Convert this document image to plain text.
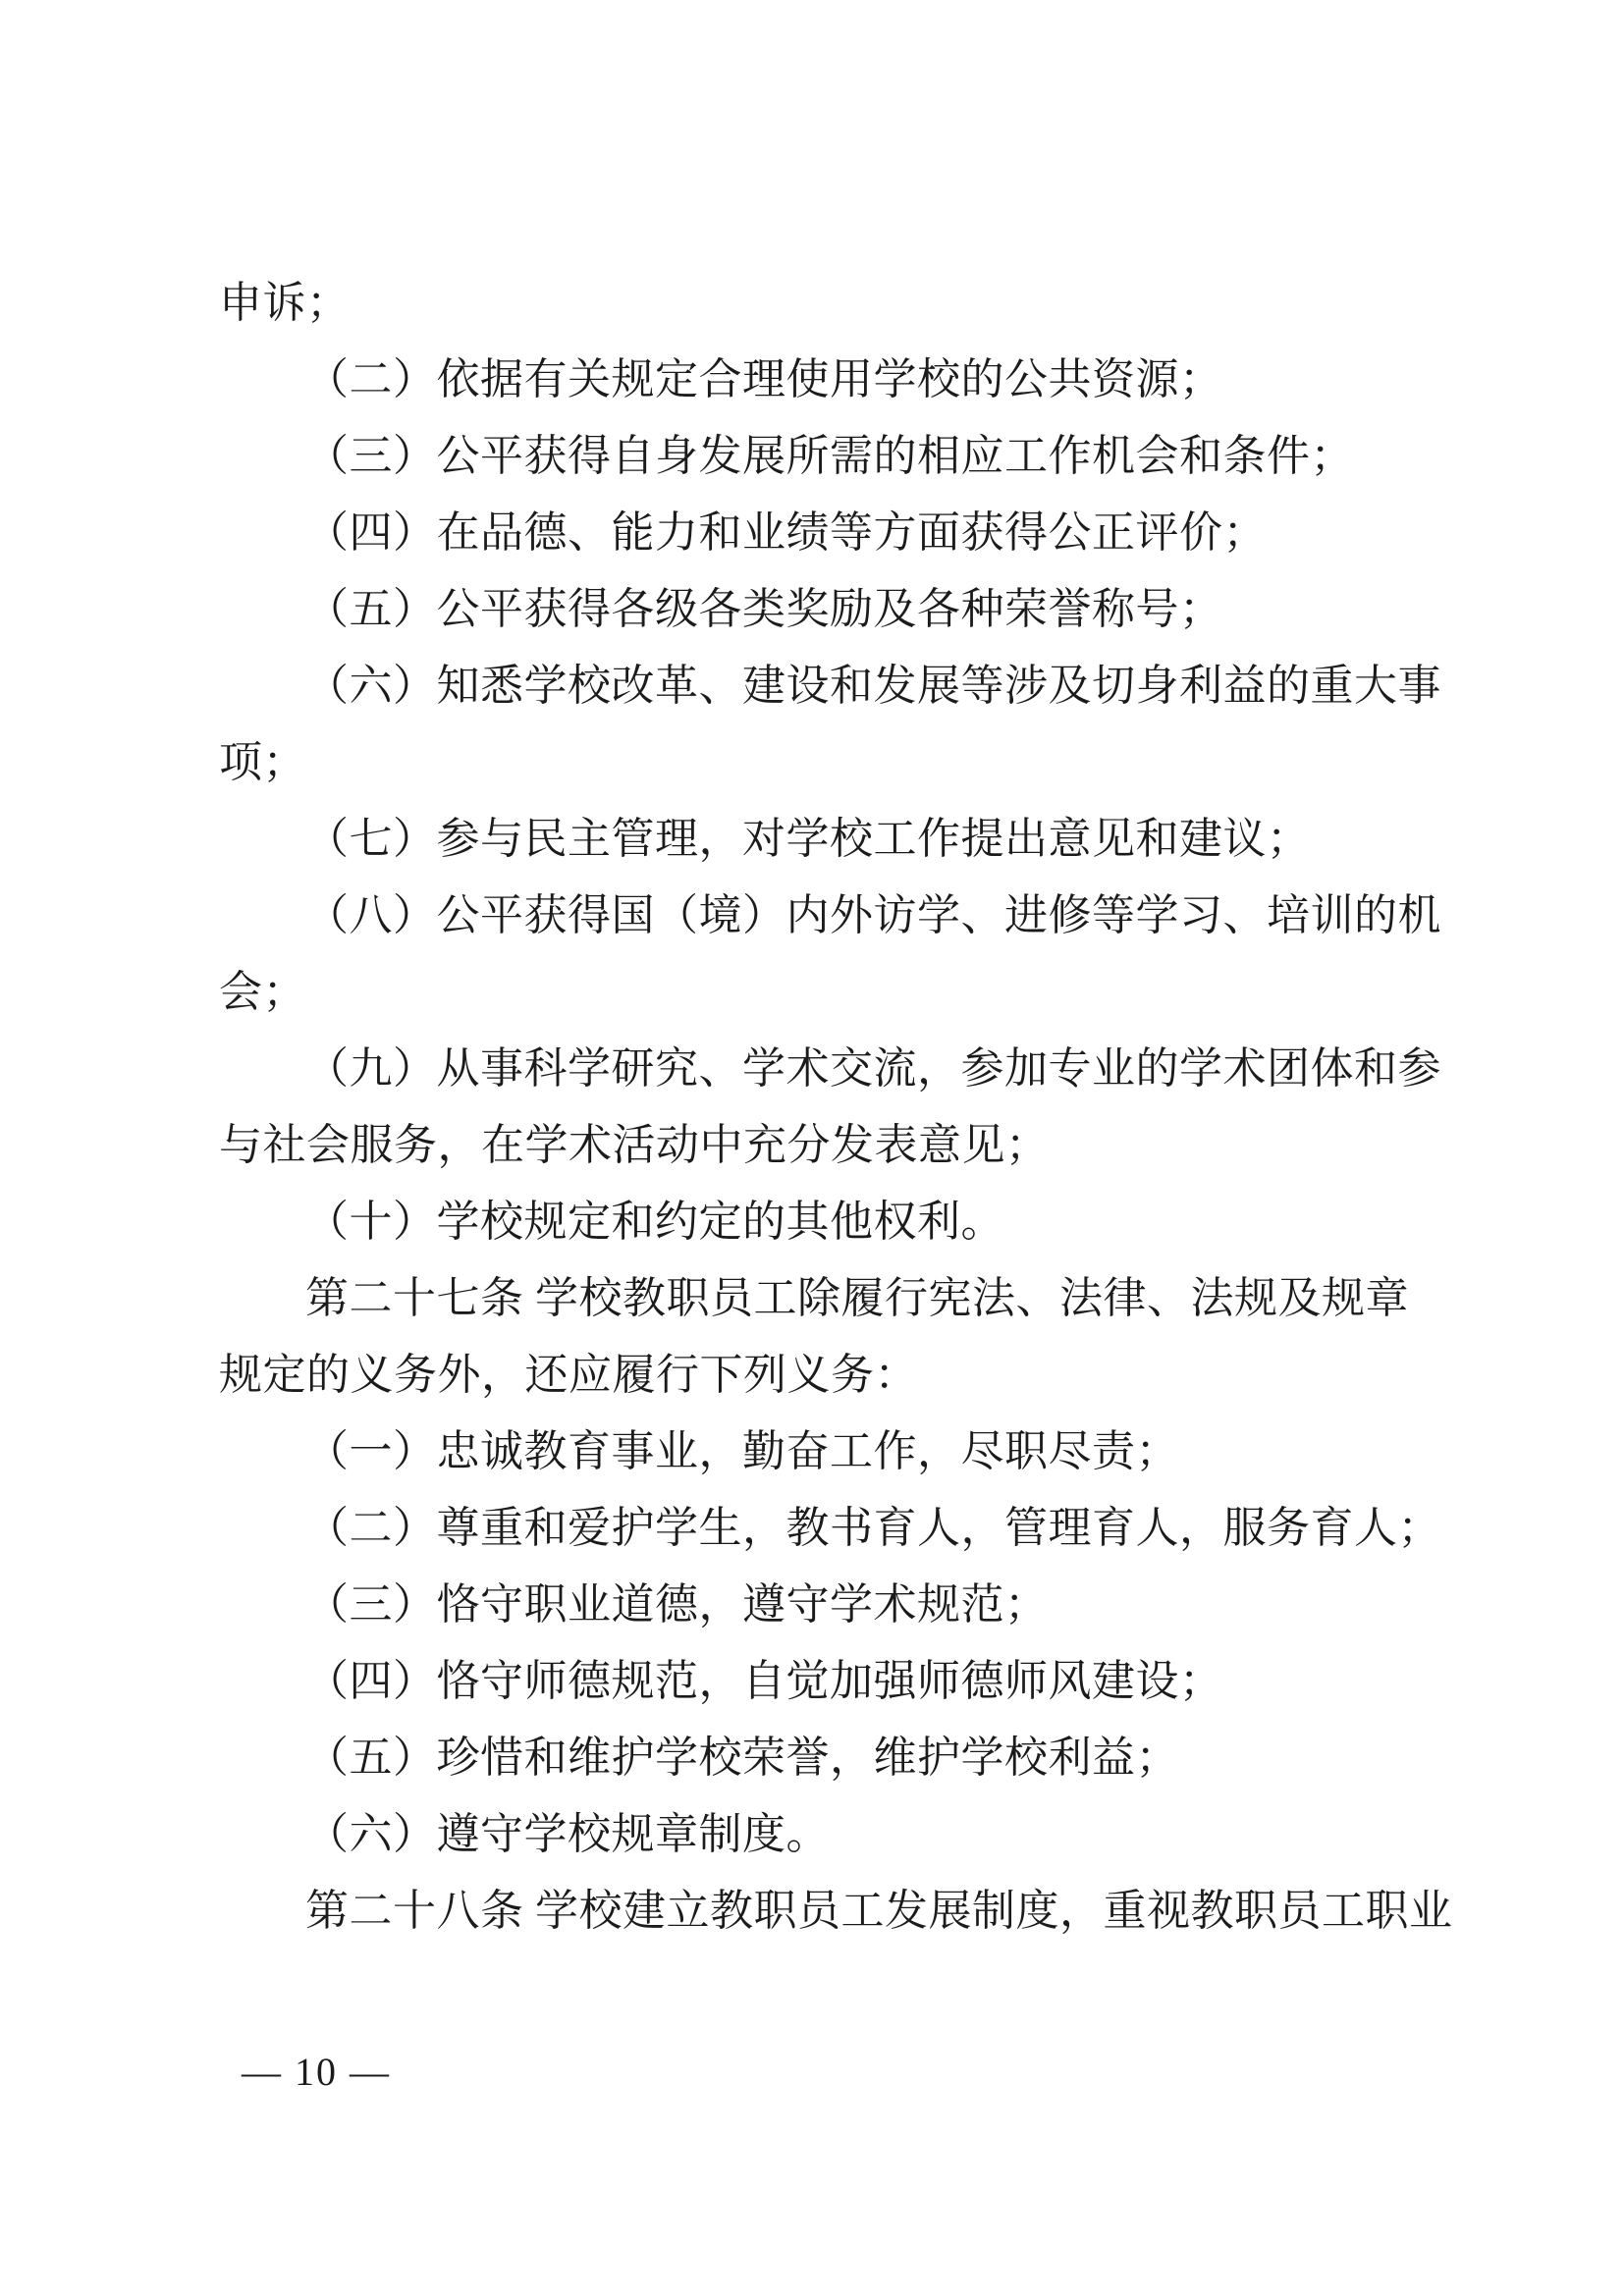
申诉；

（二）依据有关规定合理使用学校的公共资源；

（三）公平获得自身发展所需的相应工作机会和条件；

（四）在品德、能力和业绩等方面获得公正评价；

（五）公平获得各级各类奖励及各种荣誉称号；

（六）知悉学校改革、建设和发展等涉及切身利益的重大事

项；

（七）参与民主管理，对学校工作提出意见和建议；

（八）公平获得国（境）内外访学、进修等学习、培训的机

会；

（九）从事科学研究、学术交流，参加专业的学术团体和参

与社会服务，在学术活动中充分发表意见；

（十）学校规定和约定的其他权利。

第二十七条 学校教职员工除履行宪法、法律、法规及规章

规定的义务外，还应履行下列义务：

（一）忠诚教育事业，勤奋工作，尽职尽责；

（二）尊重和爱护学生，教书育人，管理育人，服务育人；

（三）恪守职业道德，遵守学术规范；

（四）恪守师德规范，自觉加强师德师风建设；

（五）珍惜和维护学校荣誉，维护学校利益；

（六）遵守学校规章制度。

第二十八条 学校建立教职员工发展制度，重视教职员工职业

— 10 —
